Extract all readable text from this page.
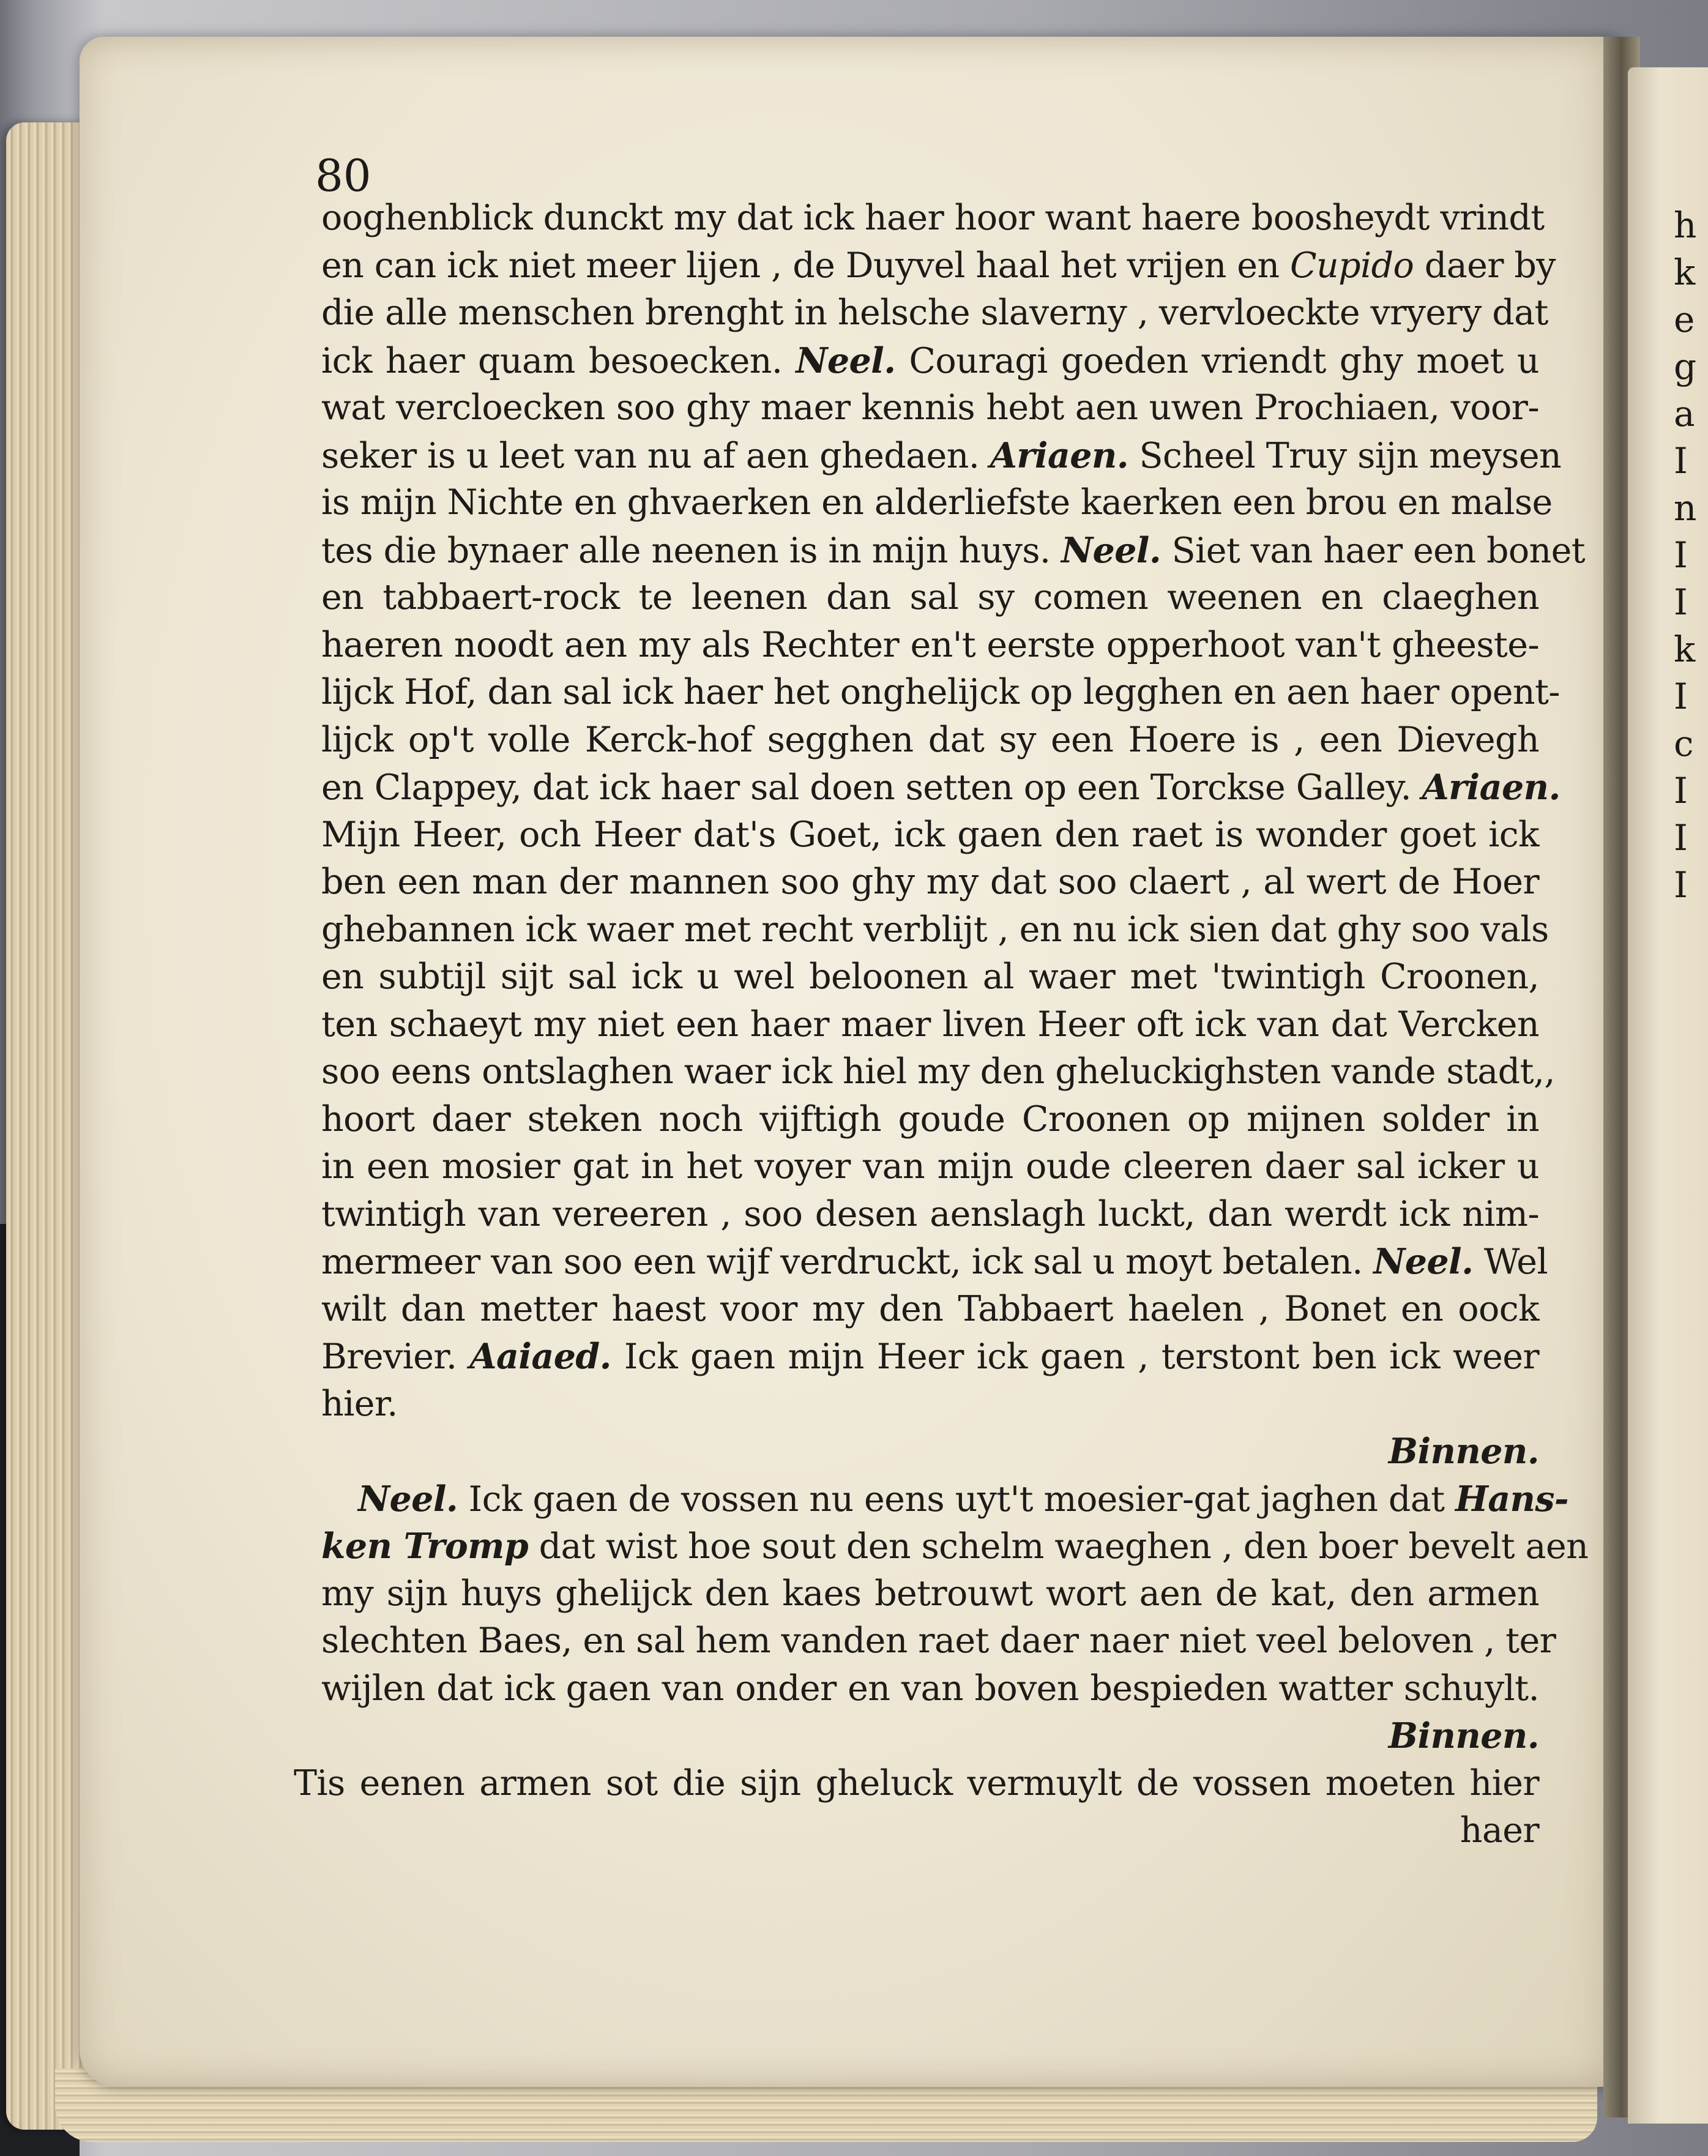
h
k
e
g
a
I
n
I
I
k
I
c
I
I
I
80
ooghenblick dunckt my dat ick haer hoor want haere boosheydt vrindt
en can ick niet meer lijen , de Duyvel haal het vrijen en Cupido daer by
die alle menschen brenght in helsche slaverny , vervloeckte vryery dat
ick haer quam besoecken. Neel. Couragi goeden vriendt ghy moet u
wat vercloecken soo ghy maer kennis hebt aen uwen Prochiaen, voor-
seker is u leet van nu af aen ghedaen. Ariaen. Scheel Truy sijn meysen
is mijn Nichte en ghvaerken en alderliefste kaerken een brou en malse
tes die bynaer alle neenen is in mijn huys. Neel. Siet van haer een bonet
en tabbaert-rock te leenen dan sal sy comen weenen en claeghen
haeren noodt aen my als Rechter en't eerste opperhoot van't gheeste-
lijck Hof, dan sal ick haer het onghelijck op legghen en aen haer opent-
lijck op't volle Kerck-hof segghen dat sy een Hoere is , een Dievegh
en Clappey, dat ick haer sal doen setten op een Torckse Galley. Ariaen.
Mijn Heer, och Heer dat's Goet, ick gaen den raet is wonder goet ick
ben een man der mannen soo ghy my dat soo claert , al wert de Hoer
ghebannen ick waer met recht verblijt , en nu ick sien dat ghy soo vals
en subtijl sijt sal ick u wel beloonen al waer met 'twintigh Croonen,
ten schaeyt my niet een haer maer liven Heer oft ick van dat Vercken
soo eens ontslaghen waer ick hiel my den gheluckighsten vande stadt,,
hoort daer steken noch vijftigh goude Croonen op mijnen solder in
in een mosier gat in het voyer van mijn oude cleeren daer sal icker u
twintigh van vereeren , soo desen aenslagh luckt, dan werdt ick nim-
mermeer van soo een wijf verdruckt, ick sal u moyt betalen. Neel. Wel
wilt dan metter haest voor my den Tabbaert haelen , Bonet en oock
Brevier. Aaiaed. Ick gaen mijn Heer ick gaen , terstont ben ick weer
hier.
Binnen.
Neel. Ick gaen de vossen nu eens uyt't moesier-gat jaghen dat Hans-
ken Tromp dat wist hoe sout den schelm waeghen , den boer bevelt aen
my sijn huys ghelijck den kaes betrouwt wort aen de kat, den armen
slechten Baes, en sal hem vanden raet daer naer niet veel beloven , ter
wijlen dat ick gaen van onder en van boven bespieden watter schuylt.
Binnen.
Tis eenen armen sot die sijn gheluck vermuylt de vossen moeten hier
haer
